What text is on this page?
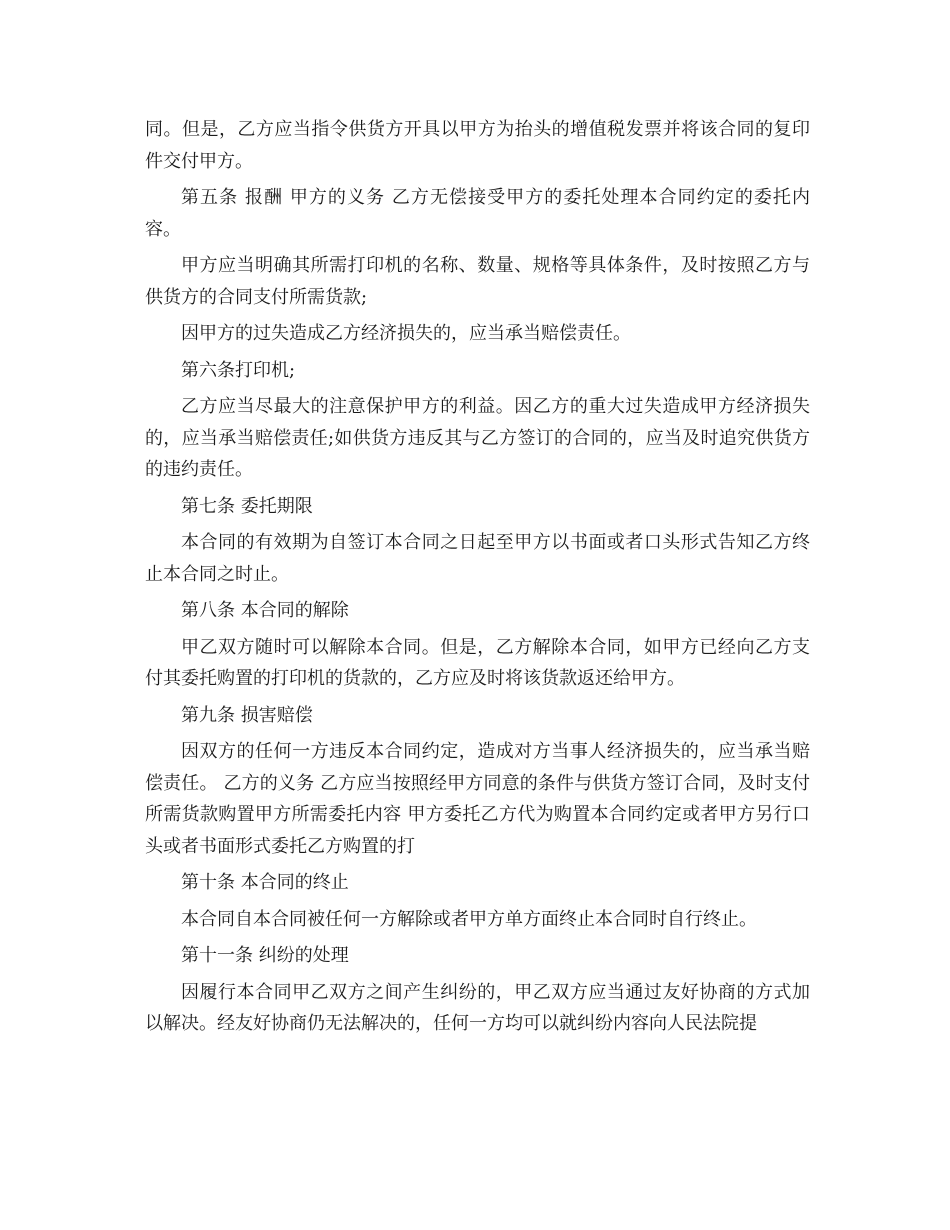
同。但是，乙方应当指令供货方开具以甲方为抬头的增值税发票并将该合同的复印件交付甲方。

第五条 报酬 甲方的义务 乙方无偿接受甲方的委托处理本合同约定的委托内容。

甲方应当明确其所需打印机的名称、数量、规格等具体条件，及时按照乙方与供货方的合同支付所需货款;

因甲方的过失造成乙方经济损失的，应当承当赔偿责任。

第六条打印机;

乙方应当尽最大的注意保护甲方的利益。因乙方的重大过失造成甲方经济损失的，应当承当赔偿责任;如供货方违反其与乙方签订的合同的，应当及时追究供货方的违约责任。

第七条 委托期限

本合同的有效期为自签订本合同之日起至甲方以书面或者口头形式告知乙方终止本合同之时止。

第八条 本合同的解除

甲乙双方随时可以解除本合同。但是，乙方解除本合同，如甲方已经向乙方支付其委托购置的打印机的货款的，乙方应及时将该货款返还给甲方。

第九条 损害赔偿

因双方的任何一方违反本合同约定，造成对方当事人经济损失的，应当承当赔偿责任。 乙方的义务 乙方应当按照经甲方同意的条件与供货方签订合同，及时支付所需货款购置甲方所需委托内容 甲方委托乙方代为购置本合同约定或者甲方另行口头或者书面形式委托乙方购置的打

第十条 本合同的终止

本合同自本合同被任何一方解除或者甲方单方面终止本合同时自行终止。

第十一条 纠纷的处理

因履行本合同甲乙双方之间产生纠纷的，甲乙双方应当通过友好协商的方式加以解决。经友好协商仍无法解决的，任何一方均可以就纠纷内容向人民法院提
